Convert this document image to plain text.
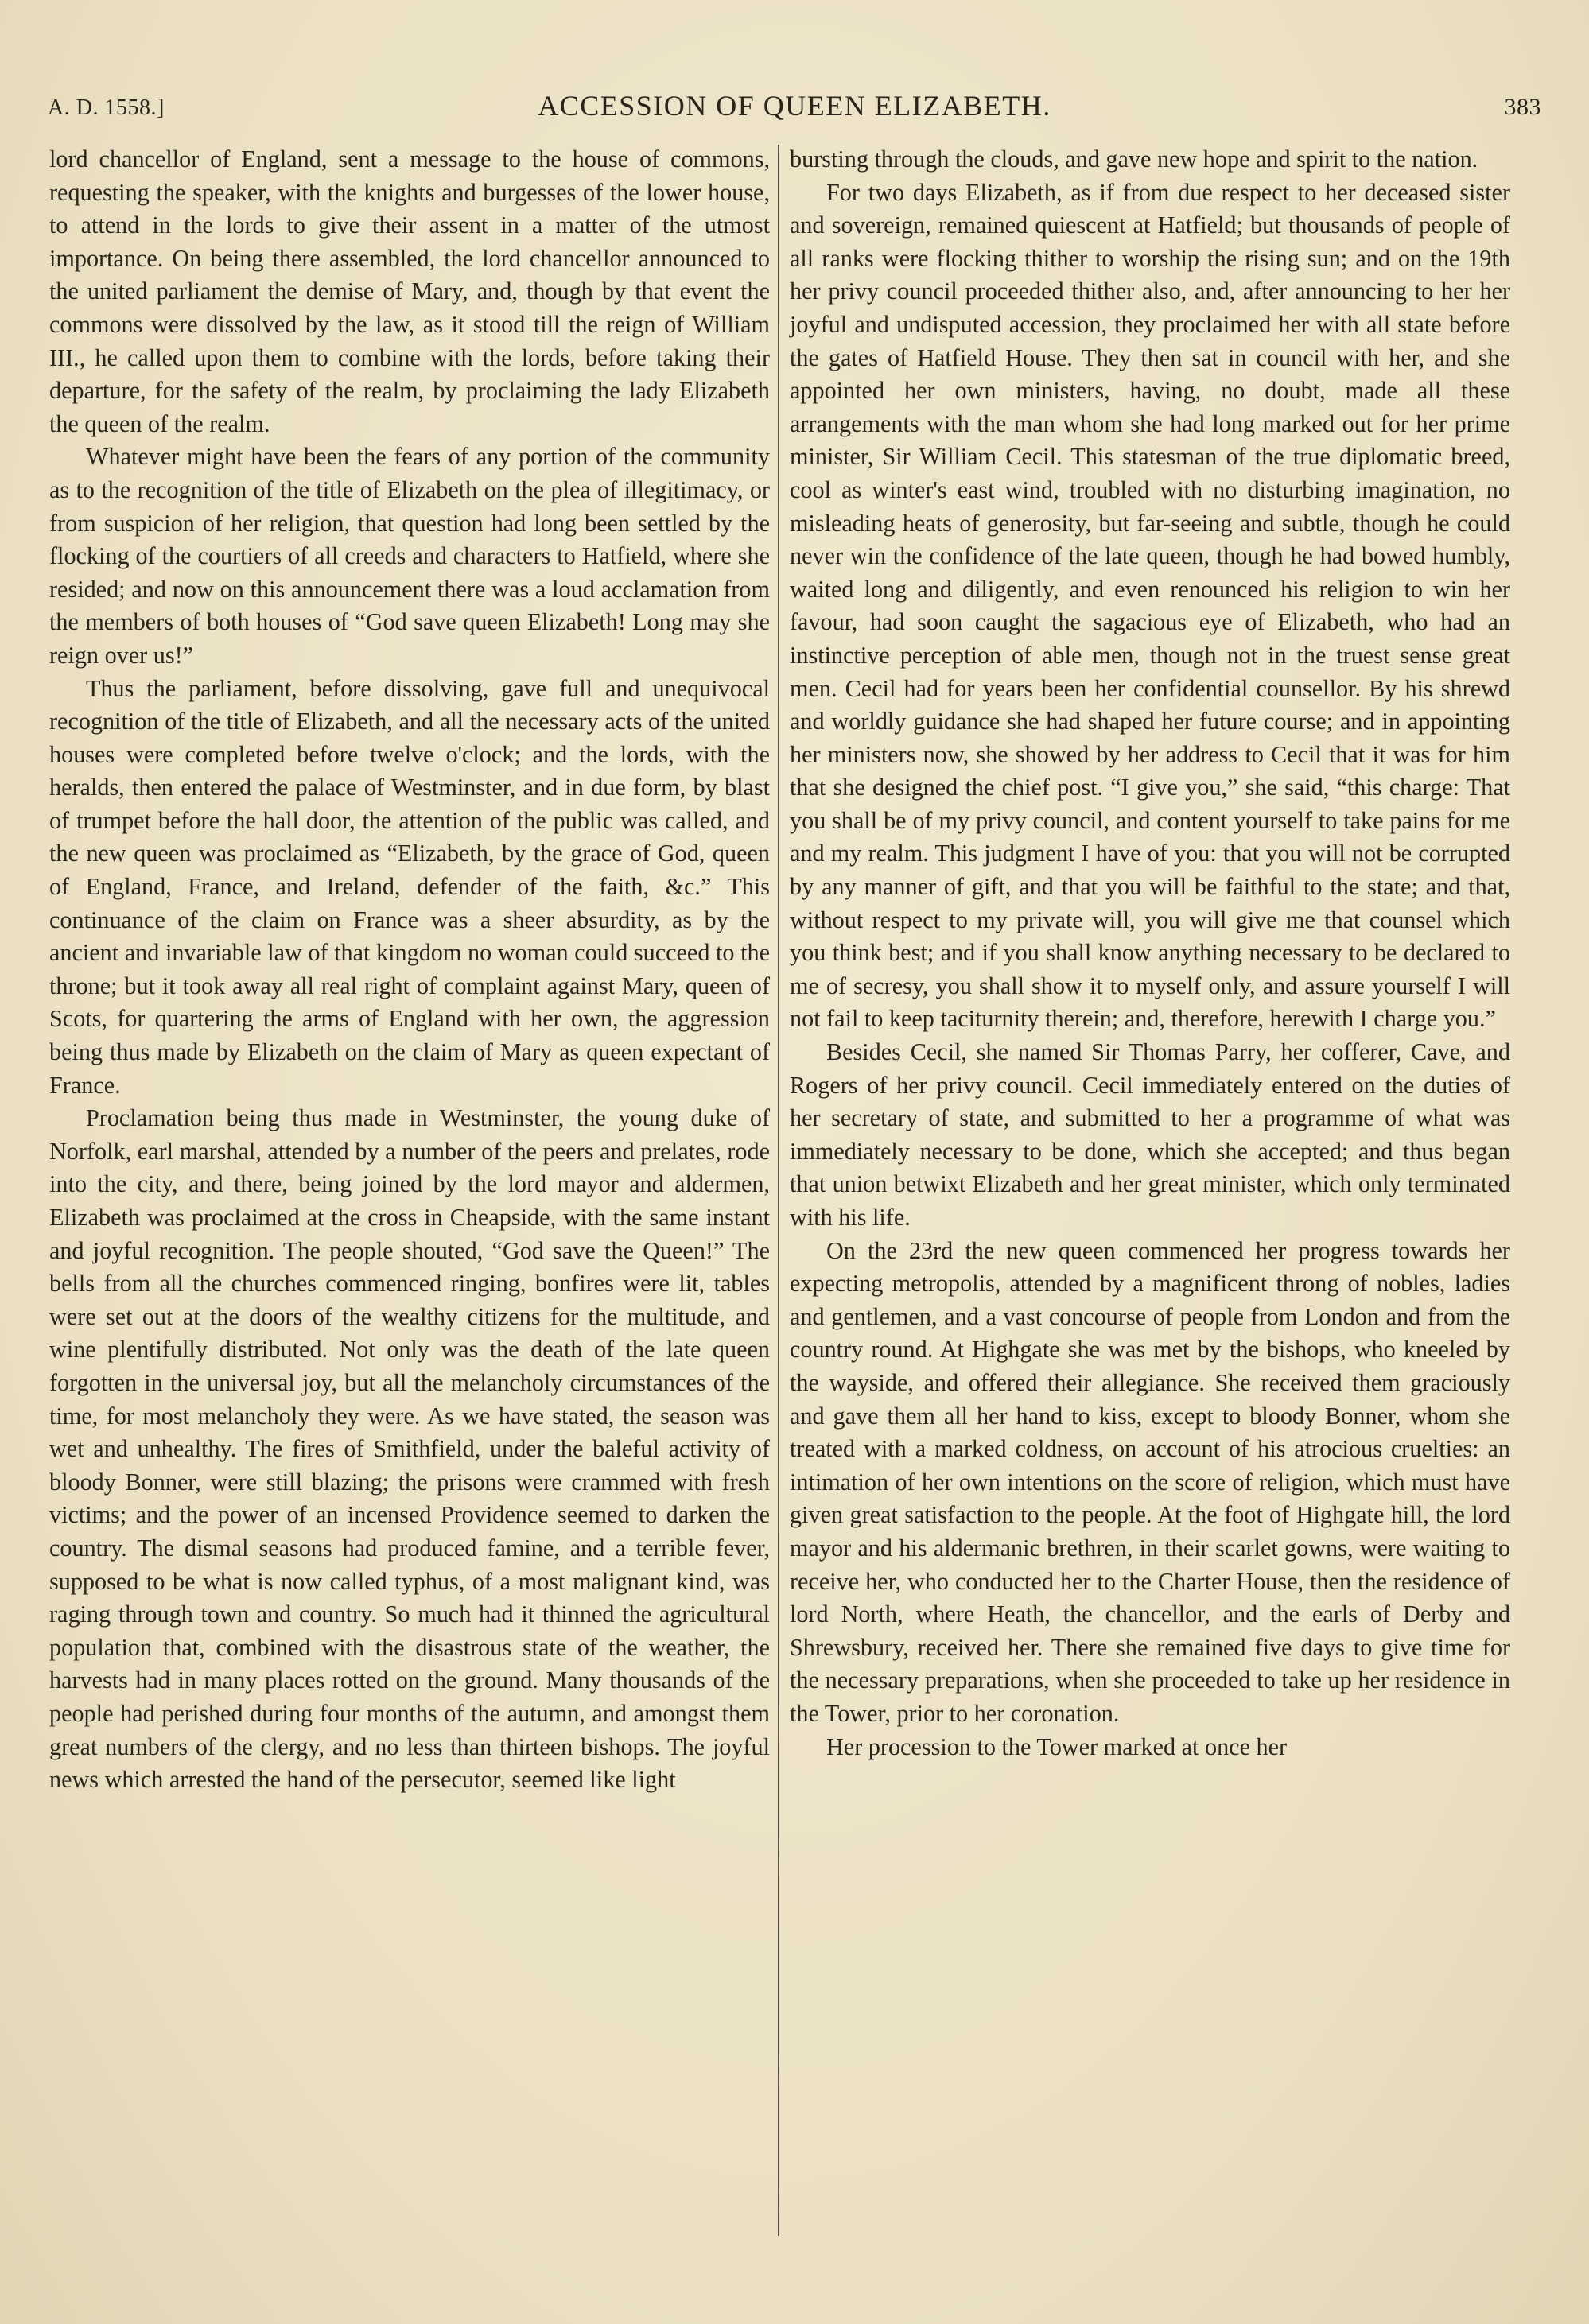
A. D. 1558.]	ACCESSION OF QUEEN ELIZABETH.	383

lord chancellor of England, sent a message to the house of commons, requesting the speaker, with the knights and burgesses of the lower house, to attend in the lords to give their assent in a matter of the utmost importance. On being there assembled, the lord chancellor announced to the united parliament the demise of Mary, and, though by that event the commons were dissolved by the law, as it stood till the reign of William III., he called upon them to combine with the lords, before taking their departure, for the safety of the realm, by proclaiming the lady Elizabeth the queen of the realm.

Whatever might have been the fears of any portion of the community as to the recognition of the title of Elizabeth on the plea of illegitimacy, or from suspicion of her religion, that question had long been settled by the flocking of the courtiers of all creeds and characters to Hatfield, where she resided; and now on this announcement there was a loud acclamation from the members of both houses of “God save queen Elizabeth! Long may she reign over us!”

Thus the parliament, before dissolving, gave full and unequivocal recognition of the title of Elizabeth, and all the necessary acts of the united houses were completed before twelve o'clock; and the lords, with the heralds, then entered the palace of Westminster, and in due form, by blast of trumpet before the hall door, the attention of the public was called, and the new queen was proclaimed as “Elizabeth, by the grace of God, queen of England, France, and Ireland, defender of the faith, &c.” This continuance of the claim on France was a sheer absurdity, as by the ancient and invariable law of that kingdom no woman could succeed to the throne; but it took away all real right of complaint against Mary, queen of Scots, for quartering the arms of England with her own, the aggression being thus made by Elizabeth on the claim of Mary as queen expectant of France.

Proclamation being thus made in Westminster, the young duke of Norfolk, earl marshal, attended by a number of the peers and prelates, rode into the city, and there, being joined by the lord mayor and aldermen, Elizabeth was proclaimed at the cross in Cheapside, with the same instant and joyful recognition. The people shouted, “God save the Queen!” The bells from all the churches commenced ringing, bonfires were lit, tables were set out at the doors of the wealthy citizens for the multitude, and wine plentifully distributed. Not only was the death of the late queen forgotten in the universal joy, but all the melancholy circumstances of the time, for most melancholy they were. As we have stated, the season was wet and unhealthy. The fires of Smithfield, under the baleful activity of bloody Bonner, were still blazing; the prisons were crammed with fresh victims; and the power of an incensed Providence seemed to darken the country. The dismal seasons had produced famine, and a terrible fever, supposed to be what is now called typhus, of a most malignant kind, was raging through town and country. So much had it thinned the agricultural population that, combined with the disastrous state of the weather, the harvests had in many places rotted on the ground. Many thousands of the people had perished during four months of the autumn, and amongst them great numbers of the clergy, and no less than thirteen bishops. The joyful news which arrested the hand of the persecutor, seemed like light

bursting through the clouds, and gave new hope and spirit to the nation.

For two days Elizabeth, as if from due respect to her deceased sister and sovereign, remained quiescent at Hatfield; but thousands of people of all ranks were flocking thither to worship the rising sun; and on the 19th her privy council proceeded thither also, and, after announcing to her her joyful and undisputed accession, they proclaimed her with all state before the gates of Hatfield House. They then sat in council with her, and she appointed her own ministers, having, no doubt, made all these arrangements with the man whom she had long marked out for her prime minister, Sir William Cecil. This statesman of the true diplomatic breed, cool as winter's east wind, troubled with no disturbing imagination, no misleading heats of generosity, but far-seeing and subtle, though he could never win the confidence of the late queen, though he had bowed humbly, waited long and diligently, and even renounced his religion to win her favour, had soon caught the sagacious eye of Elizabeth, who had an instinctive perception of able men, though not in the truest sense great men. Cecil had for years been her confidential counsellor. By his shrewd and worldly guidance she had shaped her future course; and in appointing her ministers now, she showed by her address to Cecil that it was for him that she designed the chief post. “I give you,” she said, “this charge: That you shall be of my privy council, and content yourself to take pains for me and my realm. This judgment I have of you: that you will not be corrupted by any manner of gift, and that you will be faithful to the state; and that, without respect to my private will, you will give me that counsel which you think best; and if you shall know anything necessary to be declared to me of secresy, you shall show it to myself only, and assure yourself I will not fail to keep taciturnity therein; and, therefore, herewith I charge you.”

Besides Cecil, she named Sir Thomas Parry, her cofferer, Cave, and Rogers of her privy council. Cecil immediately entered on the duties of her secretary of state, and submitted to her a programme of what was immediately necessary to be done, which she accepted; and thus began that union betwixt Elizabeth and her great minister, which only terminated with his life.

On the 23rd the new queen commenced her progress towards her expecting metropolis, attended by a magnificent throng of nobles, ladies and gentlemen, and a vast concourse of people from London and from the country round. At Highgate she was met by the bishops, who kneeled by the wayside, and offered their allegiance. She received them graciously and gave them all her hand to kiss, except to bloody Bonner, whom she treated with a marked coldness, on account of his atrocious cruelties: an intimation of her own intentions on the score of religion, which must have given great satisfaction to the people. At the foot of Highgate hill, the lord mayor and his aldermanic brethren, in their scarlet gowns, were waiting to receive her, who conducted her to the Charter House, then the residence of lord North, where Heath, the chancellor, and the earls of Derby and Shrewsbury, received her. There she remained five days to give time for the necessary preparations, when she proceeded to take up her residence in the Tower, prior to her coronation.

Her procession to the Tower marked at once her
